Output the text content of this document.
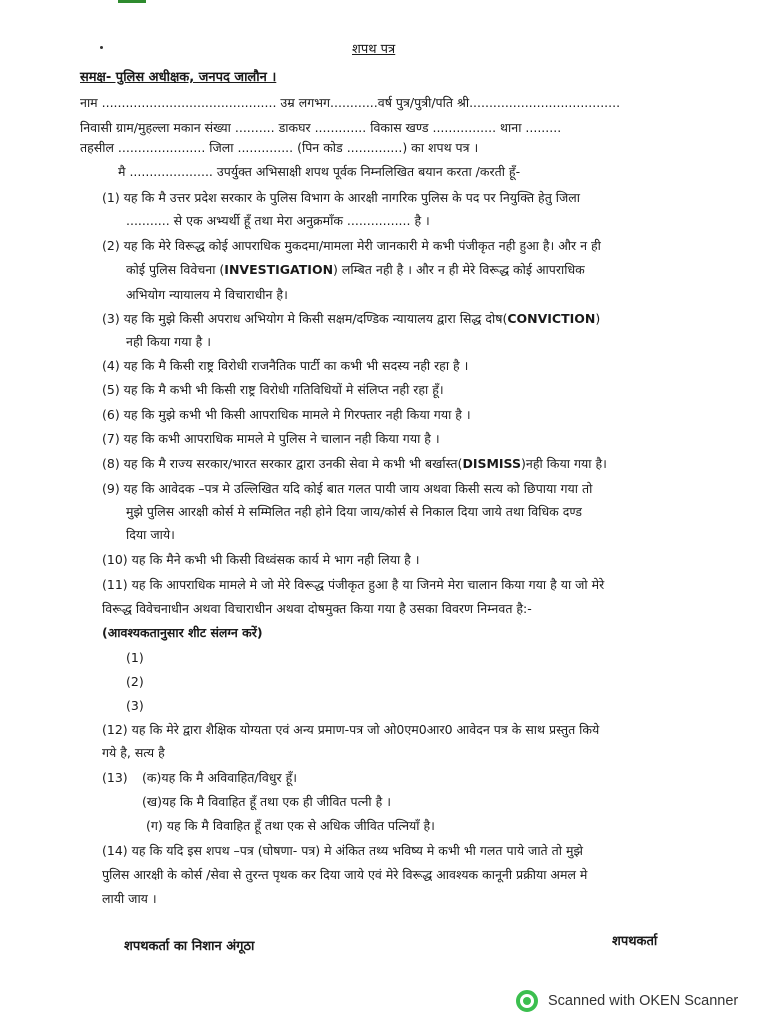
शपथ पत्र
समक्ष- पुलिस अधीक्षक, जनपद जालौन ।
नाम ............................................ उम्र लगभग............वर्ष पुत्र/पुत्री/पति श्री......................................
निवासी ग्राम/मुहल्ला मकान संख्या .......... डाकघर ............. विकास खण्ड ................ थाना .........
तहसील ...................... जिला .............. (पिन कोड ..............) का शपथ पत्र ।
मै ..................... उपर्युक्त अभिसाक्षी शपथ पूर्वक निम्नलिखित बयान करता /करती हूँ-
(1) यह कि मै उत्तर प्रदेश सरकार के पुलिस विभाग के आरक्षी नागरिक पुलिस के पद पर नियुक्ति हेतु जिला
........... से एक अभ्यर्थी हूँ तथा मेरा अनुक्रमाँक ................ है ।
(2) यह कि मेरे विरूद्ध कोई आपराधिक मुकदमा/मामला मेरी जानकारी मे कभी पंजीकृत नही हुआ है। और न ही
कोई पुलिस विवेचना (INVESTIGATION) लम्बित नही है । और न ही मेरे विरूद्ध कोई आपराधिक
अभियोग न्यायालय मे विचाराधीन है।
(3) यह कि मुझे किसी अपराध अभियोग मे किसी सक्षम/दण्डिक न्यायालय द्वारा सिद्ध दोष(CONVICTION)
नही किया गया है ।
(4) यह कि मै किसी राष्ट्र विरोधी राजनैतिक पार्टी का कभी भी सदस्य नही रहा है ।
(5) यह कि मै कभी भी किसी राष्ट्र विरोधी गतिविधियों मे संलिप्त नही रहा हूँ।
(6) यह कि मुझे कभी भी किसी आपराधिक मामले मे गिरफ्तार नही किया गया है ।
(7) यह कि कभी आपराधिक मामले मे पुलिस ने चालान नही किया गया है ।
(8) यह कि मै राज्य सरकार/भारत सरकार द्वारा उनकी सेवा मे कभी भी बर्खास्त(DISMISS)नही किया गया है।
(9) यह कि आवेदक –पत्र मे उल्लिखित यदि कोई बात गलत पायी जाय अथवा किसी सत्य को छिपाया गया तो
मुझे पुलिस आरक्षी कोर्स मे सम्मिलित नही होने दिया जाय/कोर्स से निकाल दिया जाये तथा विधिक दण्ड
दिया जाये।
(10) यह कि मैने कभी भी किसी विध्वंसक कार्य मे भाग नही लिया है ।
(11) यह कि आपराधिक मामले मे जो मेरे विरूद्ध पंजीकृत हुआ है या जिनमे मेरा चालान किया गया है या जो मेरे
विरूद्ध विवेचनाधीन अथवा विचाराधीन अथवा दोषमुक्त किया गया है उसका विवरण निम्नवत है:-
(आवश्यकतानुसार शीट संलग्न करें)
(1)
(2)
(3)
(12) यह कि मेरे द्वारा शैक्षिक योग्यता एवं अन्य प्रमाण-पत्र जो ओ0एम0आर0 आवेदन पत्र के साथ प्रस्तुत किये
गये है, सत्य है
(13) (क)यह कि मै अविवाहित/विधुर हूँ।
(ख)यह कि मै विवाहित हूँ तथा एक ही जीवित पत्नी है ।
(ग) यह कि मै विवाहित हूँ तथा एक से अधिक जीवित पत्नियाँ है।
(14) यह कि यदि इस शपथ –पत्र (घोषणा- पत्र) मे अंकित तथ्य भविष्य मे कभी भी गलत पाये जाते तो मुझे
पुलिस आरक्षी के कोर्स /सेवा से तुरन्त पृथक कर दिया जाये एवं मेरे विरूद्ध आवश्यक कानूनी प्रक्रीया अमल मे
लायी जाय ।
शपथकर्ता का निशान अंगूठा	शपथकर्ता
Scanned with OKEN Scanner
